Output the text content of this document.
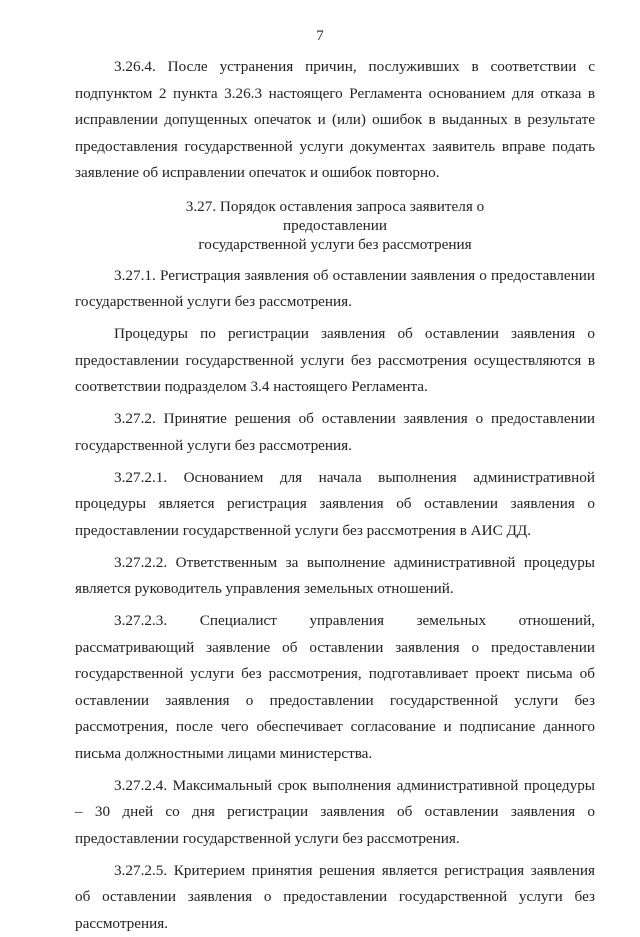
7

3.26.4. После устранения причин, послуживших в соответствии с подпунктом 2 пункта 3.26.3 настоящего Регламента основанием для отказа в исправлении допущенных опечаток и (или) ошибок в выданных в результате предоставления государственной услуги документах заявитель вправе подать заявление об исправлении опечаток и ошибок повторно.

3.27. Порядок оставления запроса заявителя о предоставлении
государственной услуги без рассмотрения

3.27.1. Регистрация заявления об оставлении заявления о предоставлении государственной услуги без рассмотрения.

Процедуры по регистрации заявления об оставлении заявления о предоставлении государственной услуги без рассмотрения осуществляются в соответствии подразделом 3.4 настоящего Регламента.

3.27.2. Принятие решения об оставлении заявления о предоставлении государственной услуги без рассмотрения.

3.27.2.1. Основанием для начала выполнения административной процедуры является регистрация заявления об оставлении заявления о предоставлении государственной услуги без рассмотрения в АИС ДД.

3.27.2.2. Ответственным за выполнение административной процедуры является руководитель управления земельных отношений.

3.27.2.3. Специалист управления земельных отношений, рассматривающий заявление об оставлении заявления о предоставлении государственной услуги без рассмотрения, подготавливает проект письма об оставлении заявления о предоставлении государственной услуги без рассмотрения, после чего обеспечивает согласование и подписание данного письма должностными лицами министерства.

3.27.2.4. Максимальный срок выполнения административной процедуры – 30 дней со дня регистрации заявления об оставлении заявления о предоставлении государственной услуги без рассмотрения.

3.27.2.5. Критерием принятия решения является регистрация заявления об оставлении заявления о предоставлении государственной услуги без рассмотрения.
